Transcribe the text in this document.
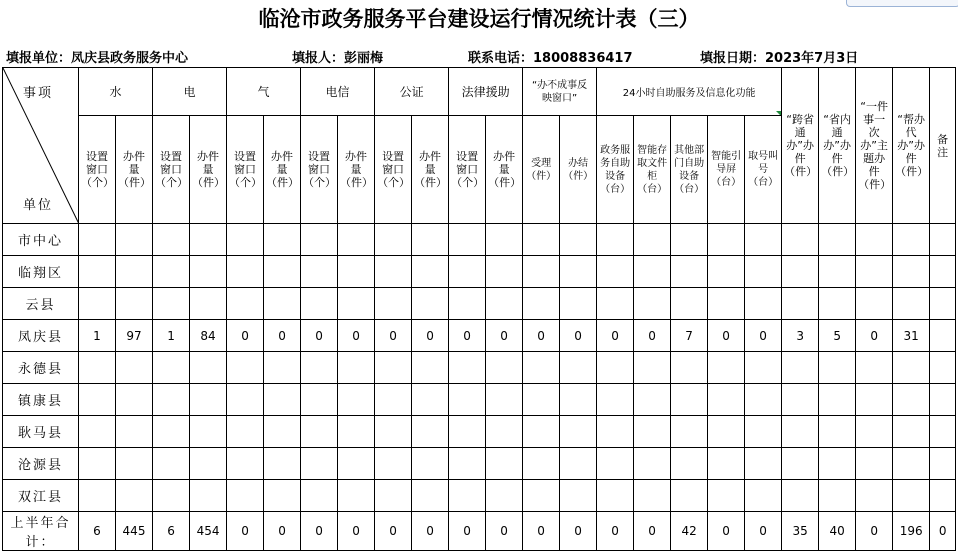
临沧市政务服务平台建设运行情况统计表（三）
填报单位：凤庆县政务服务中心	填报人：彭丽梅	联系电话：18008836417	填报日期：2023年7月3日
事项
单位	水		电		气		电信		公证		法律援助		“办不成事反映窗口”		24小时自助服务及信息化功能					“跨省通办”办件（件）	“省内通办”办件（件）	“一件事一次办”主题办件（件）	“帮办代办”办件（件）	备注
	设置窗口（个）	办件量（件）	设置窗口（个）	办件量（件）	设置窗口（个）	办件量（件）	设置窗口（个）	办件量（件）	设置窗口（个）	办件量（件）	设置窗口（个）	办件量（件）	受理（件）	办结（件）	政务服务自助设备（台）	智能存取文件柜（台）	其他部门自助设备（台）	智能引导屏（台）	取号叫号（台）					
市中心																								
临翔区																								
云县																								
凤庆县	1	97	1	84	0	0	0	0	0	0	0	0	0	0	0	0	7	0	0	3	5	0	31	
永德县																								
镇康县																								
耿马县																								
沧源县																								
双江县																								
上半年合计：	6	445	6	454	0	0	0	0	0	0	0	0	0	0	0	0	42	0	0	35	40	0	196	0
